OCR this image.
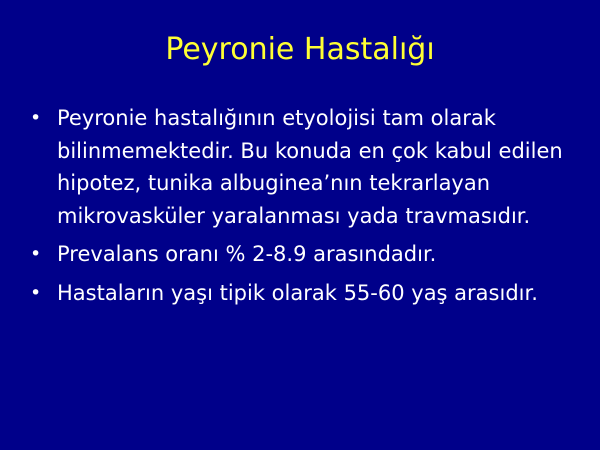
Peyronie Hastalığı
• Peyronie hastalığının etyolojisi tam olarak bilinmemektedir. Bu konuda en çok kabul edilen hipotez, tunika albuginea’nın tekrarlayan mikrovasküler yaralanması yada travmasıdır.
• Prevalans oranı % 2-8.9 arasındadır.
• Hastaların yaşı tipik olarak 55-60 yaş arasıdır.
